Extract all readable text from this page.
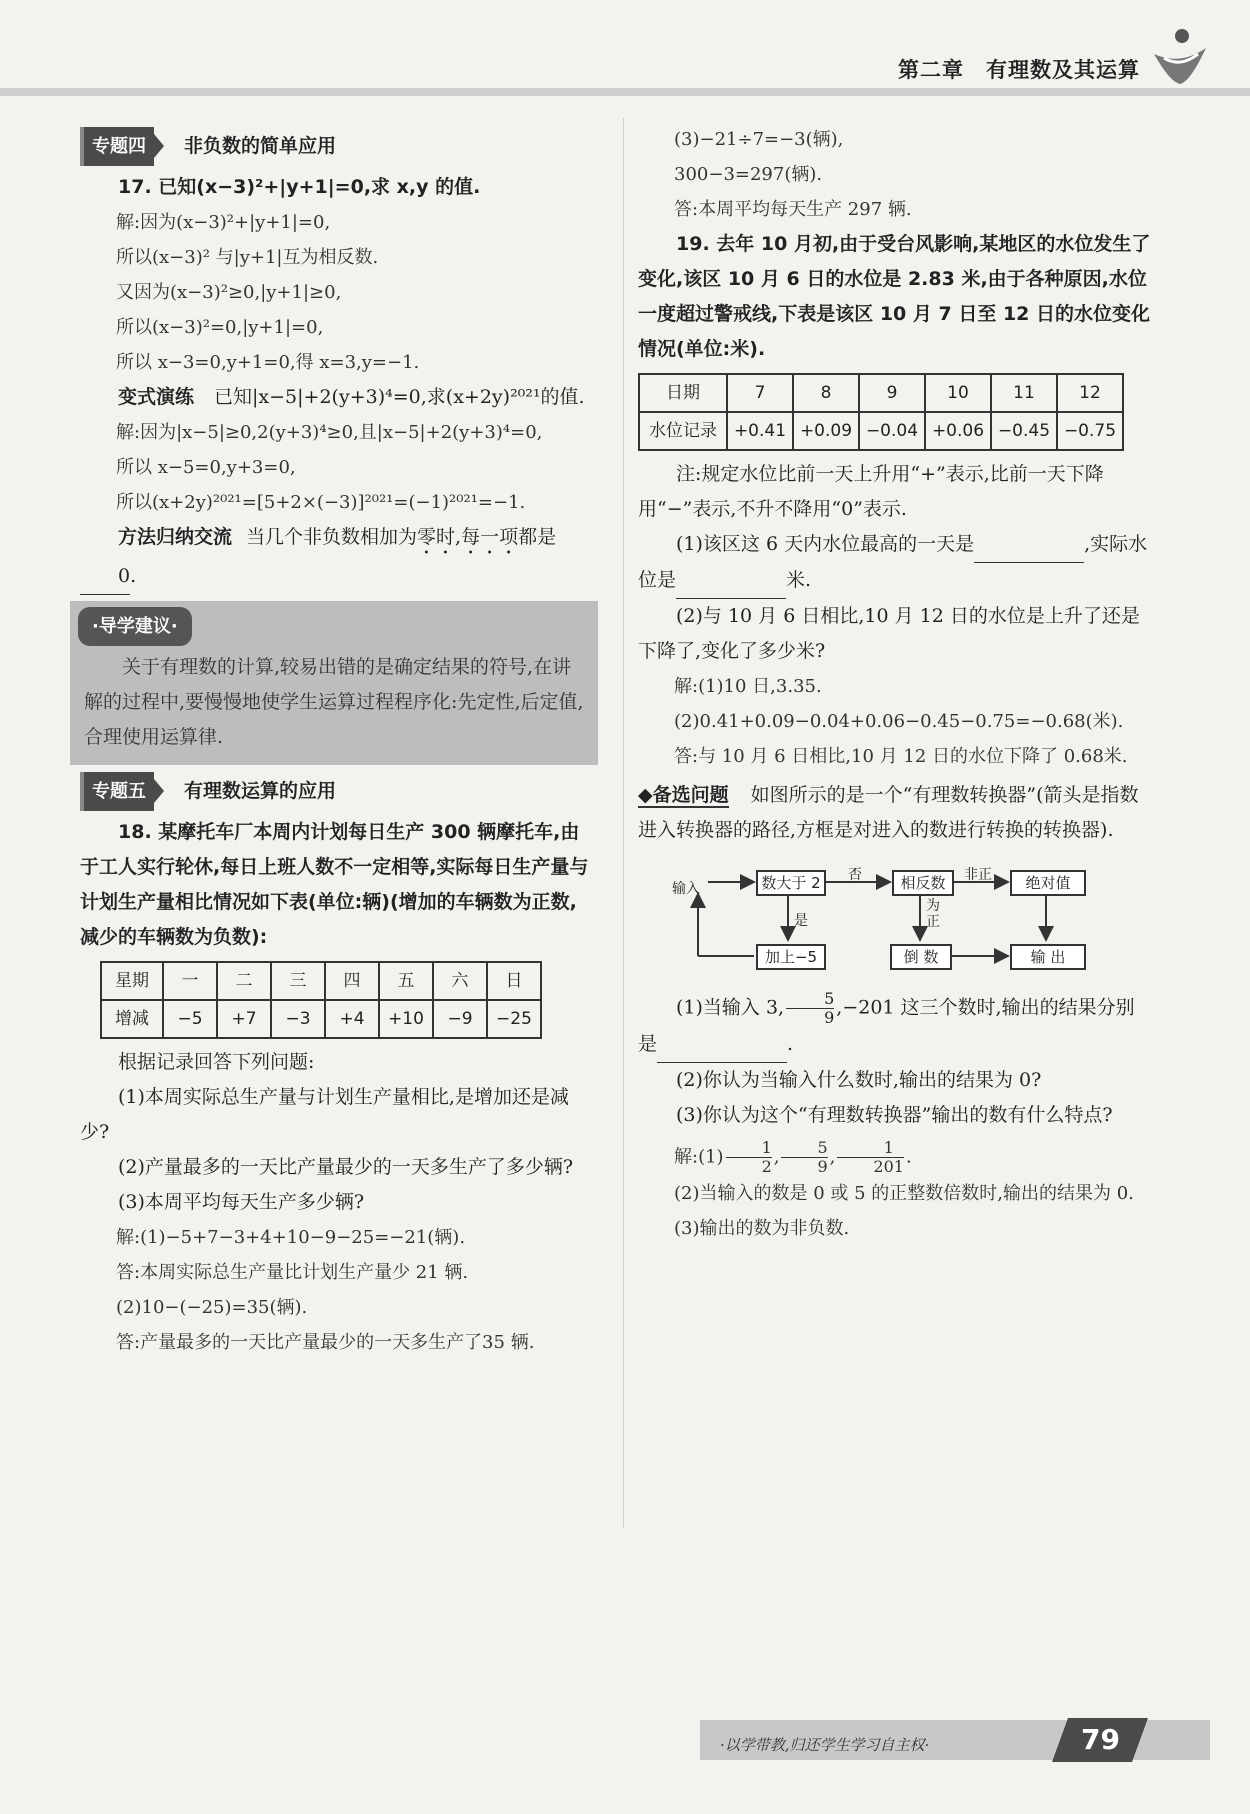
第二章 有理数及其运算
专题四	非负数的简单应用

17. 已知(x−3)²+|y+1|=0,求 x,y 的值.

解:因为(x−3)²+|y+1|=0,

所以(x−3)² 与|y+1|互为相反数.

又因为(x−3)²≥0,|y+1|≥0,

所以(x−3)²=0,|y+1|=0,

所以 x−3=0,y+1=0,得 x=3,y=−1.

变式演练 已知|x−5|+2(y+3)⁴=0,求(x+2y)²⁰²¹的值.

解:因为|x−5|≥0,2(y+3)⁴≥0,且|x−5|+2(y+3)⁴=0,

所以 x−5=0,y+3=0,

所以(x+2y)²⁰²¹=[5+2×(−3)]²⁰²¹=(−1)²⁰²¹=−1.

方法归纳交流 当几个非负数相加为零时,每一项都是0.

·导学建议·
关于有理数的计算,较易出错的是确定结果的符号,在讲解的过程中,要慢慢地使学生运算过程程序化:先定性,后定值,合理使用运算律.
专题五	有理数运算的应用

18. 某摩托车厂本周内计划每日生产 300 辆摩托车,由于工人实行轮休,每日上班人数不一定相等,实际每日生产量与计划生产量相比情况如下表(单位:辆)(增加的车辆数为正数,减少的车辆数为负数):

星期	一	二	三	四	五	六	日
增减	−5	+7	−3	+4	+10	−9	−25

根据记录回答下列问题:

(1)本周实际总生产量与计划生产量相比,是增加还是减少?

(2)产量最多的一天比产量最少的一天多生产了多少辆?

(3)本周平均每天生产多少辆?

解:(1)−5+7−3+4+10−9−25=−21(辆).

答:本周实际总生产量比计划生产量少 21 辆.

(2)10−(−25)=35(辆).

答:产量最多的一天比产量最少的一天多生产了35 辆.

(3)−21÷7=−3(辆),

300−3=297(辆).

答:本周平均每天生产 297 辆.

19. 去年 10 月初,由于受台风影响,某地区的水位发生了变化,该区 10 月 6 日的水位是 2.83 米,由于各种原因,水位一度超过警戒线,下表是该区 10 月 7 日至 12 日的水位变化情况(单位:米).

日期	7	8	9	10	11	12
水位记录	+0.41	+0.09	−0.04	+0.06	−0.45	−0.75

注:规定水位比前一天上升用“+”表示,比前一天下降用“−”表示,不升不降用“0”表示.

(1)该区这 6 天内水位最高的一天是	,实际水位是	米.

(2)与 10 月 6 日相比,10 月 12 日的水位是上升了还是下降了,变化了多少米?

解:(1)10 日,3.35.

(2)0.41+0.09−0.04+0.06−0.45−0.75=−0.68(米).

答:与 10 月 6 日相比,10 月 12 日的水位下降了 0.68米.

◆备选问题 如图所示的是一个“有理数转换器”(箭头是指数进入转换器的路径,方框是对进入的数进行转换的转换器).

输入	数大于 2	否	相反数	非正	绝对值
是
为正
加上−5	倒 数	输 出

(1)当输入 3, $\frac{5}{9} ,-201$ 这三个数时,输出的结果分别是	.

(2)你认为当输入什么数时,输出的结果为 0?

(3)你认为这个“有理数转换器”输出的数有什么特点?

解:(1) $\frac{1}{2}$ , $\frac{5}{9}$ , $\frac{1}{201}$ .

(2)当输入的数是 0 或 5 的正整数倍数时,输出的结果为 0.

(3)输出的数为非负数.

·以学带教,归还学生学习自主权·	79
